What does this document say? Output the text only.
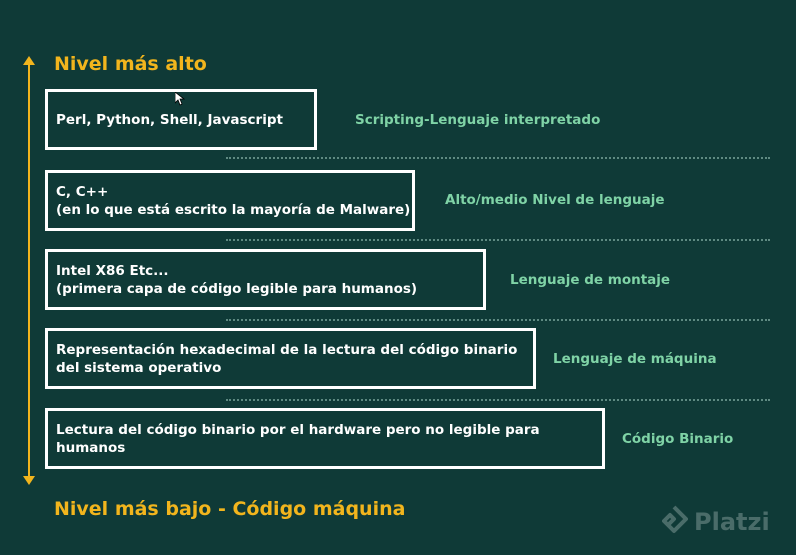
Nivel más alto
Perl, Python, Shell, Javascript	Scripting-Lenguaje interpretado
C, C++
(en lo que está escrito la mayoría de Malware)
Alto/medio Nivel de lenguaje
Intel X86 Etc...
(primera capa de código legible para humanos)
Lenguaje de montaje
Representación hexadecimal de la lectura del código binario
del sistema operativo
Lenguaje de máquina
Lectura del código binario por el hardware pero no legible para humanos
Código Binario
Nivel más bajo - Código máquina	Platzi
